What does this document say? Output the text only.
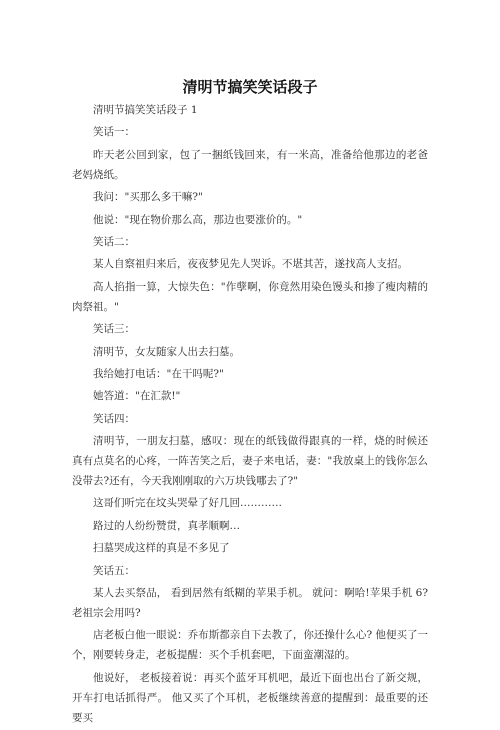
清明节搞笑笑话段子

清明节搞笑笑话段子 1

笑话一：

昨天老公回到家，包了一捆纸钱回来，有一米高，准备给他那边的老爸老妈烧纸。

我问："买那么多干嘛?"

他说："现在物价那么高，那边也要涨价的。"

笑话二：

某人自察祖归来后，夜夜梦见先人哭诉。不堪其苦，遂找高人支招。

高人掐指一算，大惊失色："作孽啊，你竟然用染色馒头和掺了瘦肉精的肉祭祖。"

笑话三：

清明节，女友随家人出去扫墓。

我给她打电话："在干吗呢?"

她答道："在汇款!"

笑话四：

清明节，一朋友扫墓，感叹：现在的纸钱做得跟真的一样，烧的时候还真有点莫名的心疼，一阵苦笑之后，妻子来电话，妻："我放桌上的钱你怎么没带去?还有，今天我刚刚取的六万块钱哪去了?"

这哥们听完在坟头哭晕了好几回…………

路过的人纷纷赞贯，真孝顺啊…

扫墓哭成这样的真是不多见了

笑话五：

某人去买祭品， 看到居然有纸糊的苹果手机。 就问：啊哈!苹果手机 6?老祖宗会用吗?

店老板白他一眼说：乔布斯都亲自下去教了，你还操什么心? 他便买了一个，刚要转身走，老板提醒：买个手机套吧，下面蛮潮湿的。

他说好， 老板接着说：再买个蓝牙耳机吧，最近下面也出台了新交规，开车打电话抓得严。 他又买了个耳机，老板继续善意的提醒到：最重要的还要买
